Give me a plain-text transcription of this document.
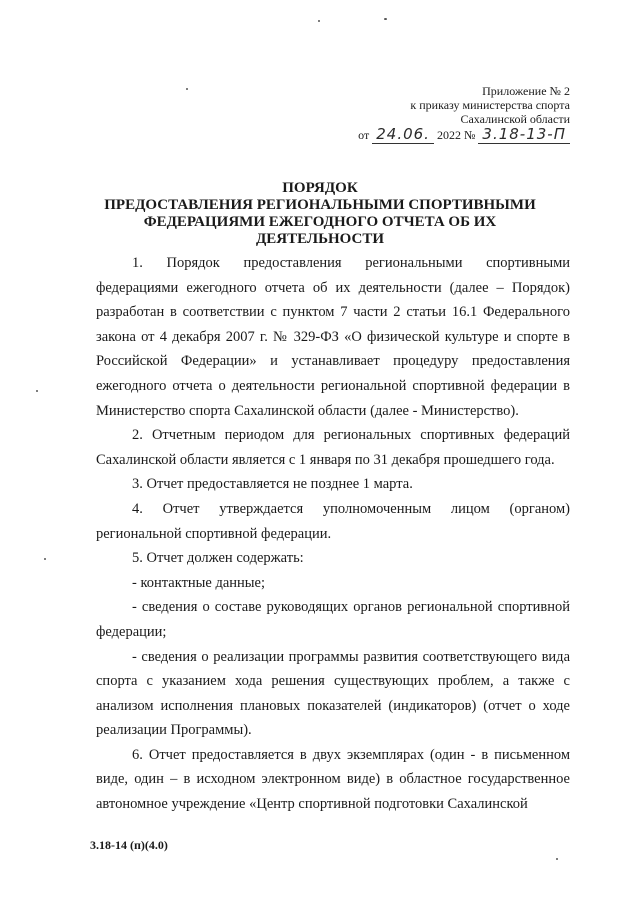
Приложение № 2
к приказу министерства спорта
Сахалинской области
от 24.06. 2022 № 3.18-13-П
ПОРЯДОК
ПРЕДОСТАВЛЕНИЯ РЕГИОНАЛЬНЫМИ СПОРТИВНЫМИ
ФЕДЕРАЦИЯМИ ЕЖЕГОДНОГО ОТЧЕТА ОБ ИХ ДЕЯТЕЛЬНОСТИ

1. Порядок предоставления региональными спортивными федерациями ежегодного отчета об их деятельности (далее – Порядок) разработан в соответствии с пунктом 7 части 2 статьи 16.1 Федерального закона от 4 декабря 2007 г. № 329-ФЗ «О физической культуре и спорте в Российской Федерации» и устанавливает процедуру предоставления ежегодного отчета о деятельности региональной спортивной федерации в Министерство спорта Сахалинской области (далее - Министерство).

2. Отчетным периодом для региональных спортивных федераций Сахалинской области является с 1 января по 31 декабря прошедшего года.

3. Отчет предоставляется не позднее 1 марта.

4. Отчет утверждается уполномоченным лицом (органом) региональной спортивной федерации.

5. Отчет должен содержать:

- контактные данные;

- сведения о составе руководящих органов региональной спортивной федерации;

- сведения о реализации программы развития соответствующего вида спорта с указанием хода решения существующих проблем, а также с анализом исполнения плановых показателей (индикаторов) (отчет о ходе реализации Программы).

6. Отчет предоставляется в двух экземплярах (один - в письменном виде, один – в исходном электронном виде) в областное государственное автономное учреждение «Центр спортивной подготовки Сахалинской

3.18-14 (п)(4.0)
